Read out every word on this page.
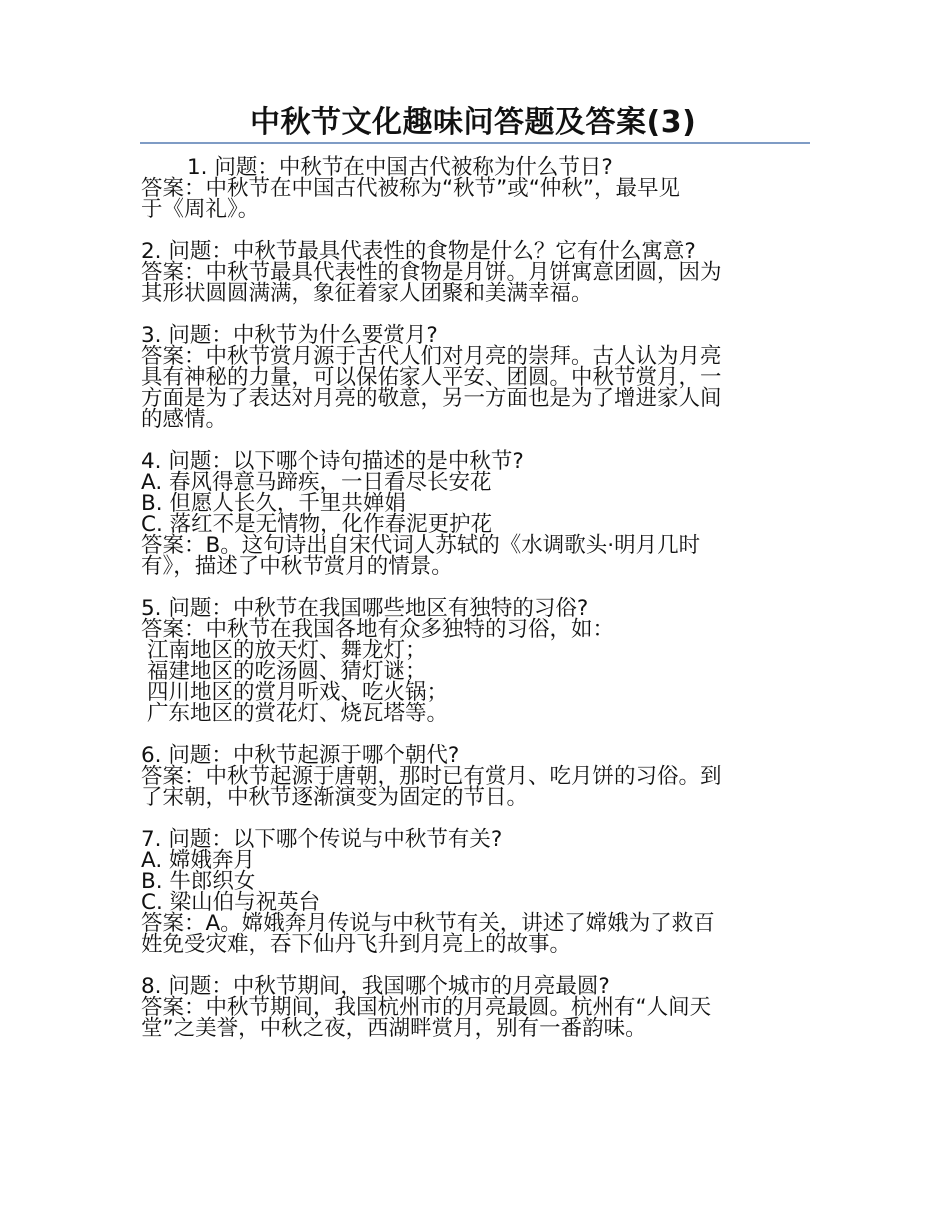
中秋节文化趣味问答题及答案(3)
1. 问题：中秋节在中国古代被称为什么节日?
答案：中秋节在中国古代被称为“秋节”或“仲秋”，最早见
于《周礼》。
2. 问题：中秋节最具代表性的食物是什么？它有什么寓意?
答案：中秋节最具代表性的食物是月饼。月饼寓意团圆，因为
其形状圆圆满满，象征着家人团聚和美满幸福。
3. 问题：中秋节为什么要赏月?
答案：中秋节赏月源于古代人们对月亮的崇拜。古人认为月亮
具有神秘的力量，可以保佑家人平安、团圆。中秋节赏月，一
方面是为了表达对月亮的敬意，另一方面也是为了增进家人间
的感情。
4. 问题：以下哪个诗句描述的是中秋节?
A. 春风得意马蹄疾，一日看尽长安花
B. 但愿人长久，千里共婵娟
C. 落红不是无情物，化作春泥更护花
答案：B。这句诗出自宋代词人苏轼的《水调歌头·明月几时
有》，描述了中秋节赏月的情景。
5. 问题：中秋节在我国哪些地区有独特的习俗?
答案：中秋节在我国各地有众多独特的习俗，如：
江南地区的放天灯、舞龙灯；
福建地区的吃汤圆、猜灯谜；
四川地区的赏月听戏、吃火锅；
广东地区的赏花灯、烧瓦塔等。
6. 问题：中秋节起源于哪个朝代?
答案：中秋节起源于唐朝，那时已有赏月、吃月饼的习俗。到
了宋朝，中秋节逐渐演变为固定的节日。
7. 问题：以下哪个传说与中秋节有关?
A. 嫦娥奔月
B. 牛郎织女
C. 梁山伯与祝英台
答案：A。嫦娥奔月传说与中秋节有关，讲述了嫦娥为了救百
姓免受灾难，吞下仙丹飞升到月亮上的故事。
8. 问题：中秋节期间，我国哪个城市的月亮最圆?
答案：中秋节期间，我国杭州市的月亮最圆。杭州有“人间天
堂”之美誉，中秋之夜，西湖畔赏月，别有一番韵味。
